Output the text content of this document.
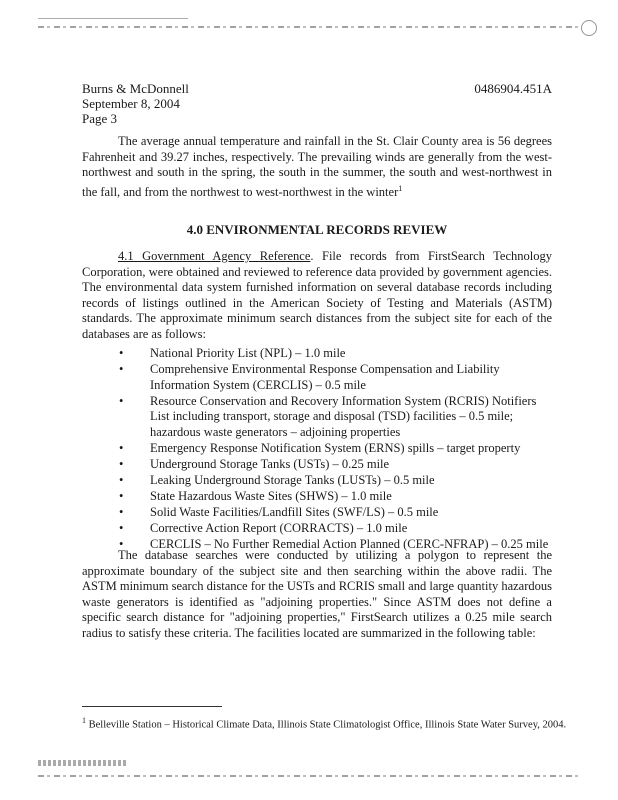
Burns & McDonnell
September 8, 2004
Page 3
0486904.451A
The average annual temperature and rainfall in the St. Clair County area is 56 degrees Fahrenheit and 39.27 inches, respectively. The prevailing winds are generally from the west-northwest and south in the spring, the south in the summer, the south and west-northwest in the fall, and from the northwest to west-northwest in the winter$^1$
4.0 ENVIRONMENTAL RECORDS REVIEW
4.1 Government Agency Reference. File records from FirstSearch Technology Corporation, were obtained and reviewed to reference data provided by government agencies. The environmental data system furnished information on several database records including records of listings outlined in the American Society of Testing and Materials (ASTM) standards. The approximate minimum search distances from the subject site for each of the databases are as follows:
• National Priority List (NPL) – 1.0 mile
• Comprehensive Environmental Response Compensation and Liability Information System (CERCLIS) – 0.5 mile
• Resource Conservation and Recovery Information System (RCRIS) Notifiers List including transport, storage and disposal (TSD) facilities – 0.5 mile; hazardous waste generators – adjoining properties
• Emergency Response Notification System (ERNS) spills – target property
• Underground Storage Tanks (USTs) – 0.25 mile
• Leaking Underground Storage Tanks (LUSTs) – 0.5 mile
• State Hazardous Waste Sites (SHWS) – 1.0 mile
• Solid Waste Facilities/Landfill Sites (SWF/LS) – 0.5 mile
• Corrective Action Report (CORRACTS) – 1.0 mile
• CERCLIS – No Further Remedial Action Planned (CERC-NFRAP) – 0.25 mile
The database searches were conducted by utilizing a polygon to represent the approximate boundary of the subject site and then searching within the above radii. The ASTM minimum search distance for the USTs and RCRIS small and large quantity hazardous waste generators is identified as "adjoining properties." Since ASTM does not define a specific search distance for "adjoining properties," FirstSearch utilizes a 0.25 mile search radius to satisfy these criteria. The facilities located are summarized in the following table:
$^1$ Belleville Station – Historical Climate Data, Illinois State Climatologist Office, Illinois State Water Survey, 2004.
